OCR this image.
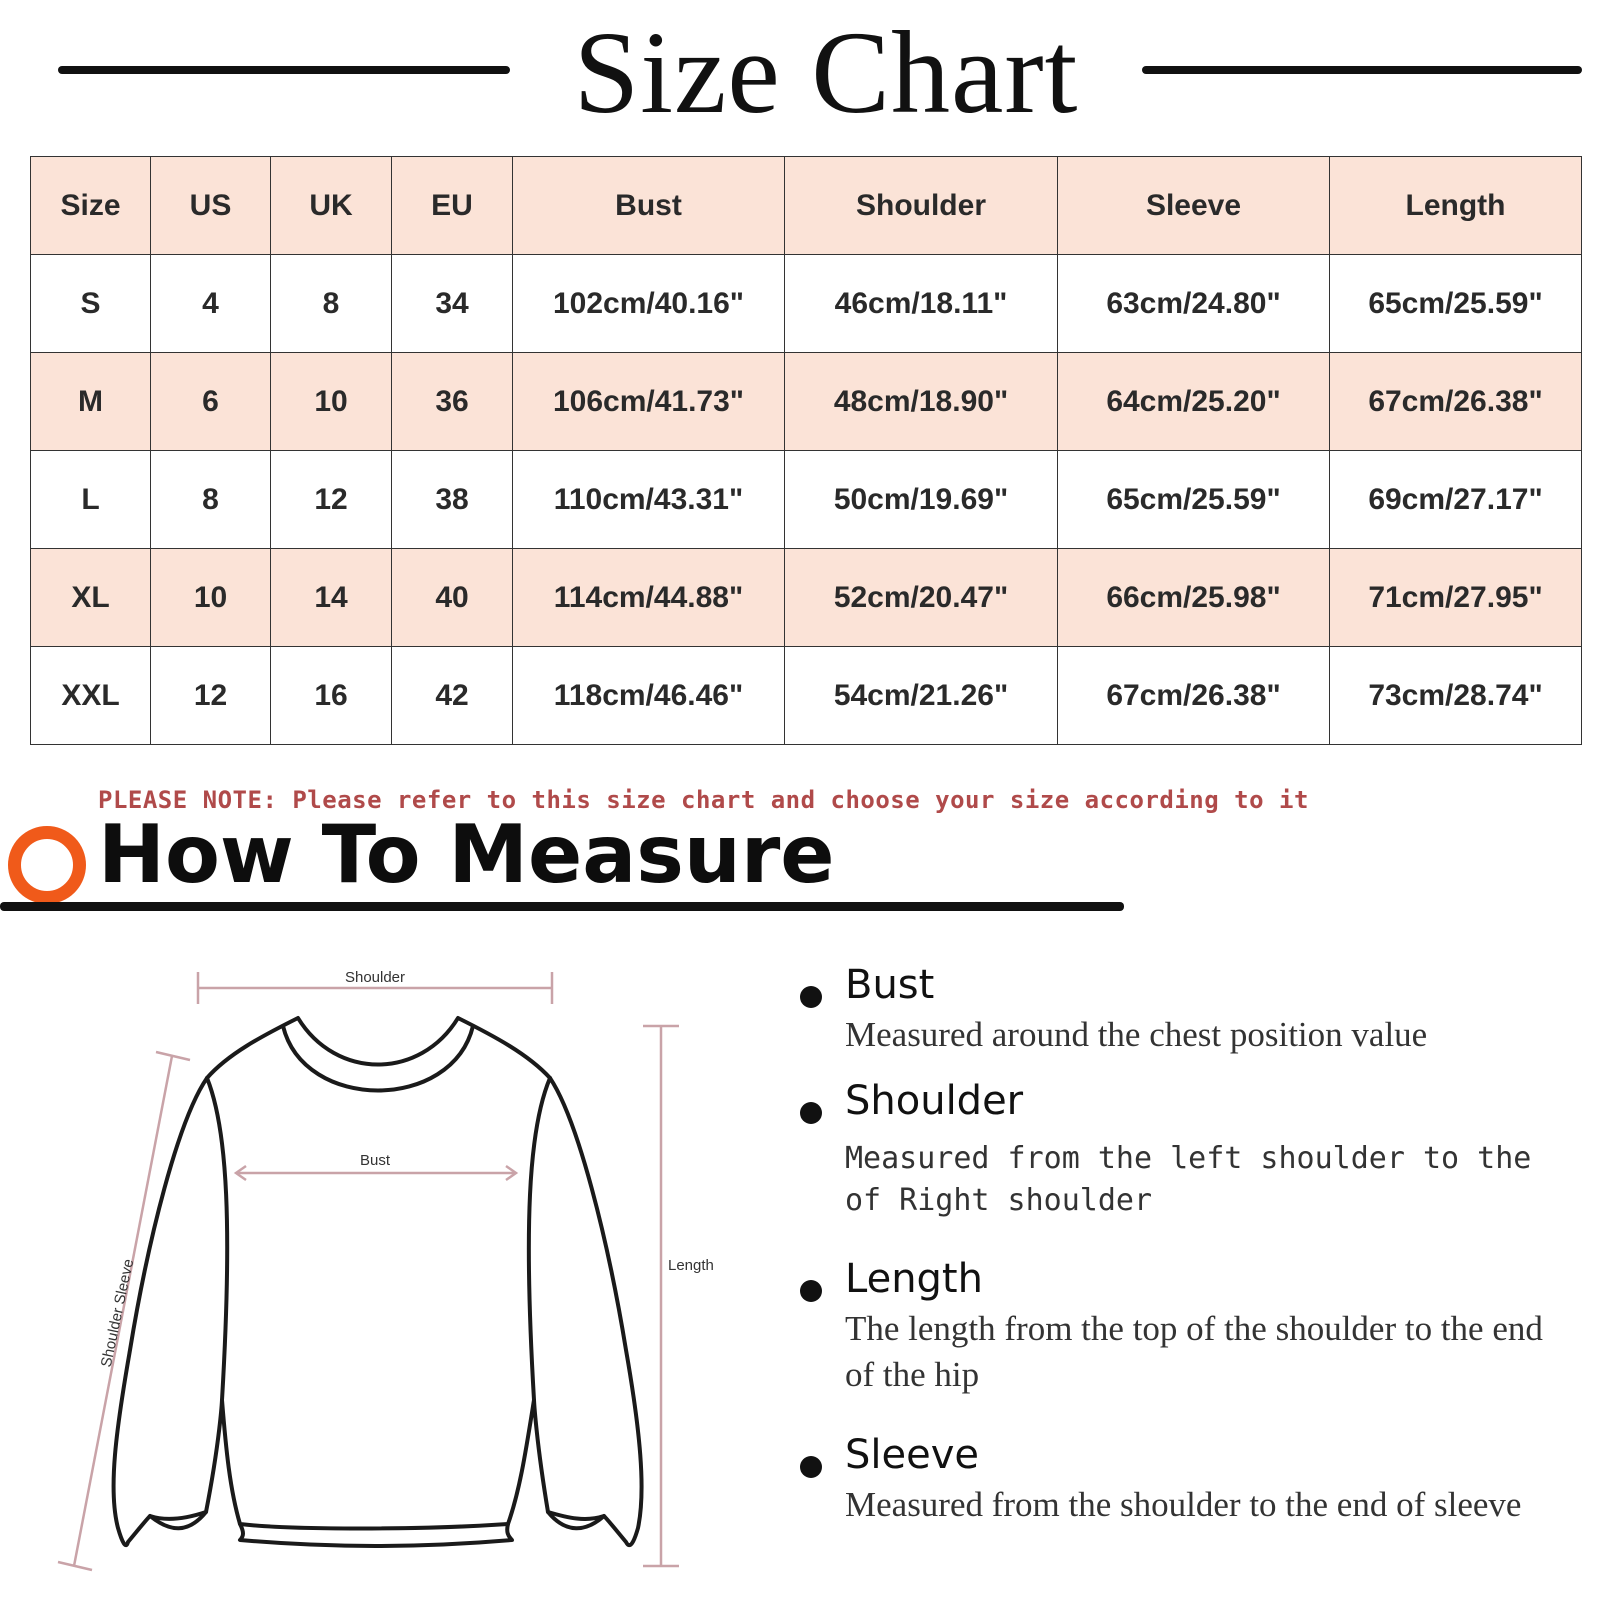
Size Chart
Size	US	UK	EU	Bust	Shoulder	Sleeve	Length
S	4	8	34	102cm/40.16"	46cm/18.11"	63cm/24.80"	65cm/25.59"
M	6	10	36	106cm/41.73"	48cm/18.90"	64cm/25.20"	67cm/26.38"
L	8	12	38	110cm/43.31"	50cm/19.69"	65cm/25.59"	69cm/27.17"
XL	10	14	40	114cm/44.88"	52cm/20.47"	66cm/25.98"	71cm/27.95"
XXL	12	16	42	118cm/46.46"	54cm/21.26"	67cm/26.38"	73cm/28.74"
PLEASE NOTE: Please refer to this size chart and choose your size according to it
How To Measure
Shoulder
Bust
Length
Shoulder Sleeve
Bust
Measured around the chest position value
Shoulder
Measured from the left shoulder to the of Right shoulder
Length
The length from the top of the shoulder to the end of the hip
Sleeve
Measured from the shoulder to the end of sleeve
